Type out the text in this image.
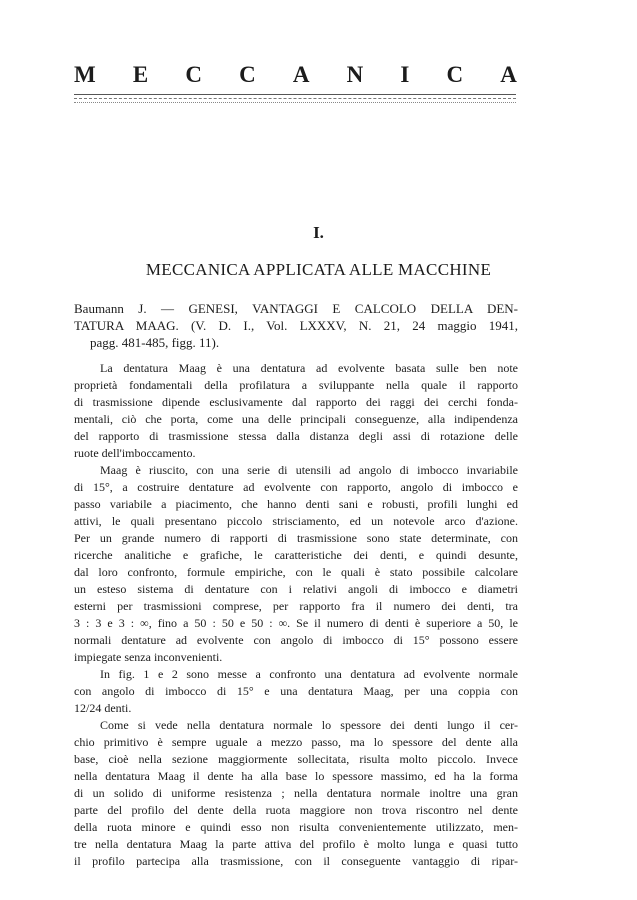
M E C C A N I C A
I.
MECCANICA APPLICATA ALLE MACCHINE
Baumann J. — GENESI, VANTAGGI E CALCOLO DELLA DEN-
TATURA MAAG. (V. D. I., Vol. LXXXV, N. 21, 24 maggio 1941,
pagg. 481-485, figg. 11).

La dentatura Maag è una dentatura ad evolvente basata sulle ben note
proprietà fondamentali della profilatura a sviluppante nella quale il rapporto
di trasmissione dipende esclusivamente dal rapporto dei raggi dei cerchi fonda-
mentali, ciò che porta, come una delle principali conseguenze, alla indipendenza
del rapporto di trasmissione stessa dalla distanza degli assi di rotazione delle
ruote dell'imboccamento.

Maag è riuscito, con una serie di utensili ad angolo di imbocco invariabile
di 15°, a costruire dentature ad evolvente con rapporto, angolo di imbocco e
passo variabile a piacimento, che hanno denti sani e robusti, profili lunghi ed
attivi, le quali presentano piccolo strisciamento, ed un notevole arco d'azione.
Per un grande numero di rapporti di trasmissione sono state determinate, con
ricerche analitiche e grafiche, le caratteristiche dei denti, e quindi desunte,
dal loro confronto, formule empiriche, con le quali è stato possibile calcolare
un esteso sistema di dentature con i relativi angoli di imbocco e diametri
esterni per trasmissioni comprese, per rapporto fra il numero dei denti, tra
3 : 3 e 3 : ∞, fino a 50 : 50 e 50 : ∞. Se il numero di denti è superiore a 50, le
normali dentature ad evolvente con angolo di imbocco di 15° possono essere
impiegate senza inconvenienti.

In fig. 1 e 2 sono messe a confronto una dentatura ad evolvente normale
con angolo di imbocco di 15° e una dentatura Maag, per una coppia con
12/24 denti.

Come si vede nella dentatura normale lo spessore dei denti lungo il cer-
chio primitivo è sempre uguale a mezzo passo, ma lo spessore del dente alla
base, cioè nella sezione maggiormente sollecitata, risulta molto piccolo. Invece
nella dentatura Maag il dente ha alla base lo spessore massimo, ed ha la forma
di un solido di uniforme resistenza ; nella dentatura normale inoltre una gran
parte del profilo del dente della ruota maggiore non trova riscontro nel dente
della ruota minore e quindi esso non risulta convenientemente utilizzato, men-
tre nella dentatura Maag la parte attiva del profilo è molto lunga e quasi tutto
il profilo partecipa alla trasmissione, con il conseguente vantaggio di ripar-
